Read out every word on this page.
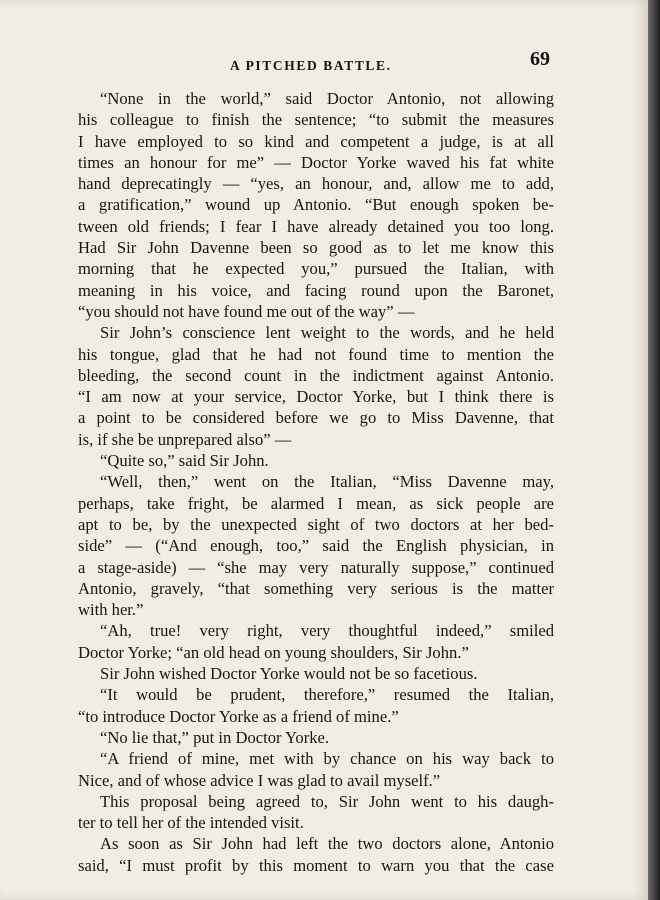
A PITCHED BATTLE.	69

“None in the world,” said Doctor Antonio, not allowing
his colleague to finish the sentence; “to submit the measures
I have employed to so kind and competent a judge, is at all
times an honour for me” — Doctor Yorke waved his fat white
hand deprecatingly — “yes, an honour, and, allow me to add,
a gratification,” wound up Antonio. “But enough spoken be-
tween old friends; I fear I have already detained you too long.
Had Sir John Davenne been so good as to let me know this
morning that he expected you,” pursued the Italian, with
meaning in his voice, and facing round upon the Baronet,
“you should not have found me out of the way” —

Sir John’s conscience lent weight to the words, and he held
his tongue, glad that he had not found time to mention the
bleeding, the second count in the indictment against Antonio.
“I am now at your service, Doctor Yorke, but I think there is
a point to be considered before we go to Miss Davenne, that
is, if she be unprepared also” —

“Quite so,” said Sir John.

“Well, then,” went on the Italian, “Miss Davenne may,
perhaps, take fright, be alarmed I mean, as sick people are
apt to be, by the unexpected sight of two doctors at her bed-
side” — (“And enough, too,” said the English physician, in
a stage-aside) — “she may very naturally suppose,” continued
Antonio, gravely, “that something very serious is the matter
with her.”

“Ah, true! very right, very thoughtful indeed,” smiled
Doctor Yorke; “an old head on young shoulders, Sir John.”

Sir John wished Doctor Yorke would not be so facetious.

“It would be prudent, therefore,” resumed the Italian,
“to introduce Doctor Yorke as a friend of mine.”

“No lie that,” put in Doctor Yorke.

“A friend of mine, met with by chance on his way back to
Nice, and of whose advice I was glad to avail myself.”

This proposal being agreed to, Sir John went to his daugh-
ter to tell her of the intended visit.

As soon as Sir John had left the two doctors alone, Antonio
said, “I must profit by this moment to warn you that the case
